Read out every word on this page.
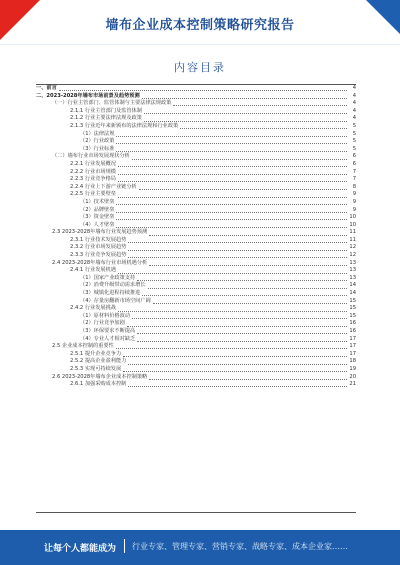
墙布企业成本控制策略研究报告
内容目录
一、前言	4
二、2023-2028年墙布市场前景及趋势预测	4
（一）行业主管部门、监管体制与主要法律法规政策	4
2.1.1 行业主管部门及监管体制	4
2.1.2 行业主要法律法规及政策	4
2.1.3 行业近年来新颁布的法律法规和行业政策	5
（1）法律法规	5
（2）行业政策	5
（3）行业标准	5
（二）墙布行业市场发展现状分析	6
2.2.1 行业发展概况	6
2.2.2 行业市场规模	7
2.2.3 行业竞争格局	7
2.2.4 行业上下游产业链分析	8
2.2.5 行业主要壁垒	9
（1）技术壁垒	9
（2）品牌壁垒	9
（3）资金壁垒	10
（4）人才壁垒	10
2.3 2023-2028年墙布行业发展趋势预测	11
2.3.1 行业技术发展趋势	11
2.3.2 行业市场发展趋势	12
2.3.3 行业竞争发展趋势	12
2.4 2023-2028年墙布行业市场机遇分析	13
2.4.1 行业发展机遇	13
（1）国家产业政策支持	13
（2）消费升级带动需求增长	14
（3）城镇化进程持续推进	14
（4）存量房翻新市场空间广阔	15
2.4.2 行业发展挑战	15
（1）原材料价格波动	15
（2）行业竞争加剧	16
（3）环保要求不断提高	16
（4）专业人才相对缺乏	17
2.5 企业成本控制的重要性	17
2.5.1 提升企业竞争力	17
2.5.2 提高企业盈利能力	18
2.5.3 实现可持续发展	19
2.6 2023-2028年墙布企业成本控制策略	20
2.6.1 加强采购成本控制	21
让每个人都能成为 行业专家、管理专家、营销专家、战略专家、成本企业家……
